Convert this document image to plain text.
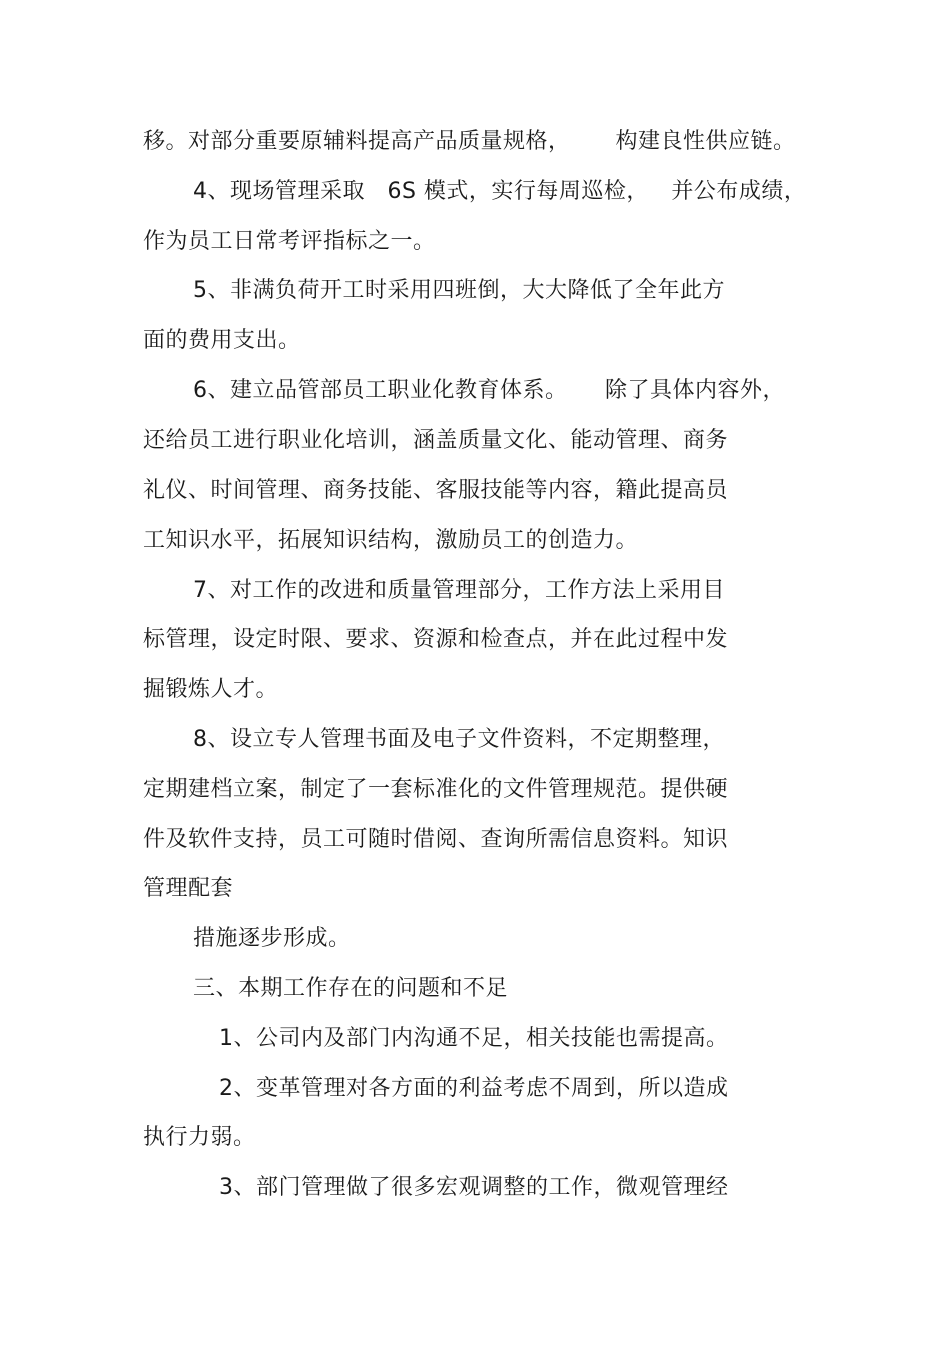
移。对部分重要原辅料提高产品质量规格，      构建良性供应链。
4、现场管理采取   6S 模式，实行每周巡检，   并公布成绩，
作为员工日常考评指标之一。
5、非满负荷开工时采用四班倒，大大降低了全年此方
面的费用支出。
6、建立品管部员工职业化教育体系。     除了具体内容外，
还给员工进行职业化培训，涵盖质量文化、能动管理、商务
礼仪、时间管理、商务技能、客服技能等内容，籍此提高员
工知识水平，拓展知识结构，激励员工的创造力。
7、对工作的改进和质量管理部分，工作方法上采用目
标管理，设定时限、要求、资源和检查点，并在此过程中发
掘锻炼人才。
8、设立专人管理书面及电子文件资料，不定期整理，
定期建档立案，制定了一套标准化的文件管理规范。提供硬
件及软件支持，员工可随时借阅、查询所需信息资料。知识
管理配套
措施逐步形成。
三、本期工作存在的问题和不足
1、公司内及部门内沟通不足，相关技能也需提高。
2、变革管理对各方面的利益考虑不周到，所以造成
执行力弱。
3、部门管理做了很多宏观调整的工作，微观管理经
